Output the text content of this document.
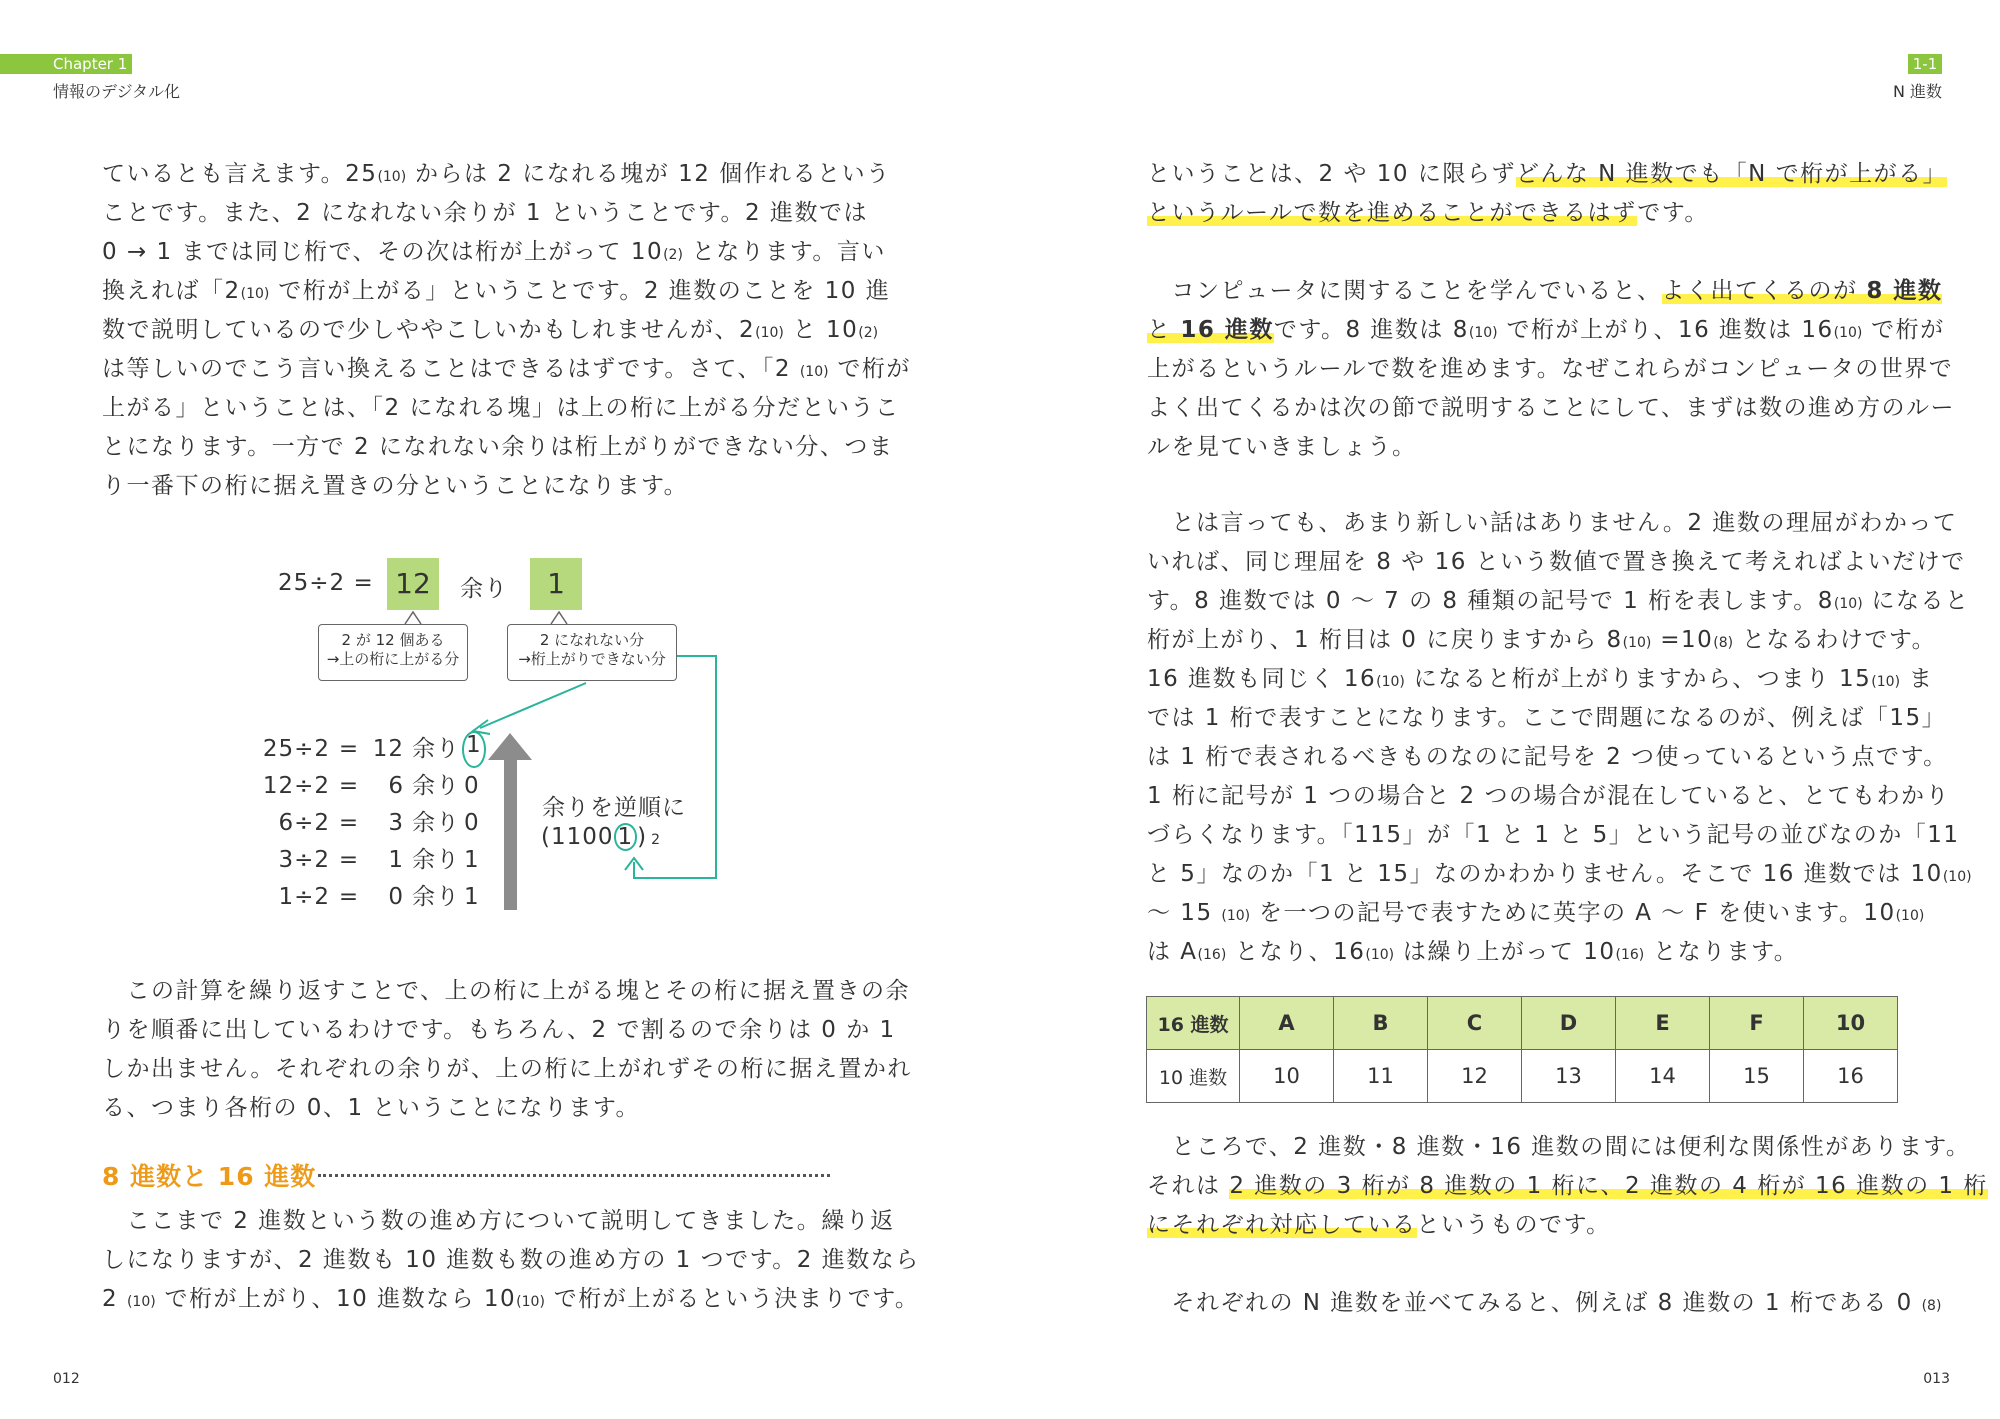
Chapter 1
情報のデジタル化
1-1
N 進数
ているとも言えます。25(10) からは 2 になれる塊が 12 個作れるという
ことです。また、2 になれない余りが 1 ということです。2 進数では
0 → 1 までは同じ桁で、その次は桁が上がって 10(2) となります。言い
換えれば「2(10) で桁が上がる」ということです。2 進数のことを 10 進
数で説明しているので少しややこしいかもしれませんが、2(10) と 10(2)
は等しいのでこう言い換えることはできるはずです。さて、「2 (10) で桁が
上がる」ということは、「2 になれる塊」は上の桁に上がる分だというこ
とになります。一方で 2 になれない余りは桁上がりができない分、つま
り一番下の桁に据え置きの分ということになります。
25÷2 = 12	余り	1
2 が 12 個ある
→上の桁に上がる分
2 になれない分
→桁上がりできない分
25÷2 = 12 余り 1
12÷2 =	6 余り 0
6÷2 =	3 余り 0
3÷2 =	1 余り 1
1÷2 =	0 余り 1
余りを逆順に
(1100 1 ) 2
　この計算を繰り返すことで、上の桁に上がる塊とその桁に据え置きの余
りを順番に出しているわけです。もちろん、2 で割るので余りは 0 か 1
しか出ません。それぞれの余りが、上の桁に上がれずその桁に据え置かれ
る、つまり各桁の 0、1 ということになります。
8 進数と 16 進数
　ここまで 2 進数という数の進め方について説明してきました。繰り返
しになりますが、2 進数も 10 進数も数の進め方の 1 つです。2 進数なら
2 (10) で桁が上がり、10 進数なら 10(10) で桁が上がるという決まりです。
ということは、2 や 10 に限らずどんな N 進数でも「N で桁が上がる」
というルールで数を進めることができるはずです。
　コンピュータに関することを学んでいると、よく出てくるのが 8 進数
と 16 進数です。8 進数は 8(10) で桁が上がり、16 進数は 16(10) で桁が
上がるというルールで数を進めます。なぜこれらがコンピュータの世界で
よく出てくるかは次の節で説明することにして、まずは数の進め方のルー
ルを見ていきましょう。
　とは言っても、あまり新しい話はありません。2 進数の理屈がわかって
いれば、同じ理屈を 8 や 16 という数値で置き換えて考えればよいだけで
す。8 進数では 0 〜 7 の 8 種類の記号で 1 桁を表します。8(10) になると
桁が上がり、1 桁目は 0 に戻りますから 8(10) =10(8) となるわけです。
16 進数も同じく 16(10) になると桁が上がりますから、つまり 15(10) ま
では 1 桁で表すことになります。ここで問題になるのが、例えば「15」
は 1 桁で表されるべきものなのに記号を 2 つ使っているという点です。
1 桁に記号が 1 つの場合と 2 つの場合が混在していると、とてもわかり
づらくなります。「115」が「1 と 1 と 5」という記号の並びなのか「11
と 5」なのか「1 と 15」なのかわかりません。そこで 16 進数では 10(10)
〜 15 (10) を一つの記号で表すために英字の A 〜 F を使います。10(10)
は A(16) となり、16(10) は繰り上がって 10(16) となります。
16 進数	A	B	C	D	E	F	10
10 進数	10	11	12	13	14	15	16
　ところで、2 進数・8 進数・16 進数の間には便利な関係性があります。
それは 2 進数の 3 桁が 8 進数の 1 桁に、2 進数の 4 桁が 16 進数の 1 桁
にそれぞれ対応しているというものです。
　それぞれの N 進数を並べてみると、例えば 8 進数の 1 桁である 0 (8)
012	013
